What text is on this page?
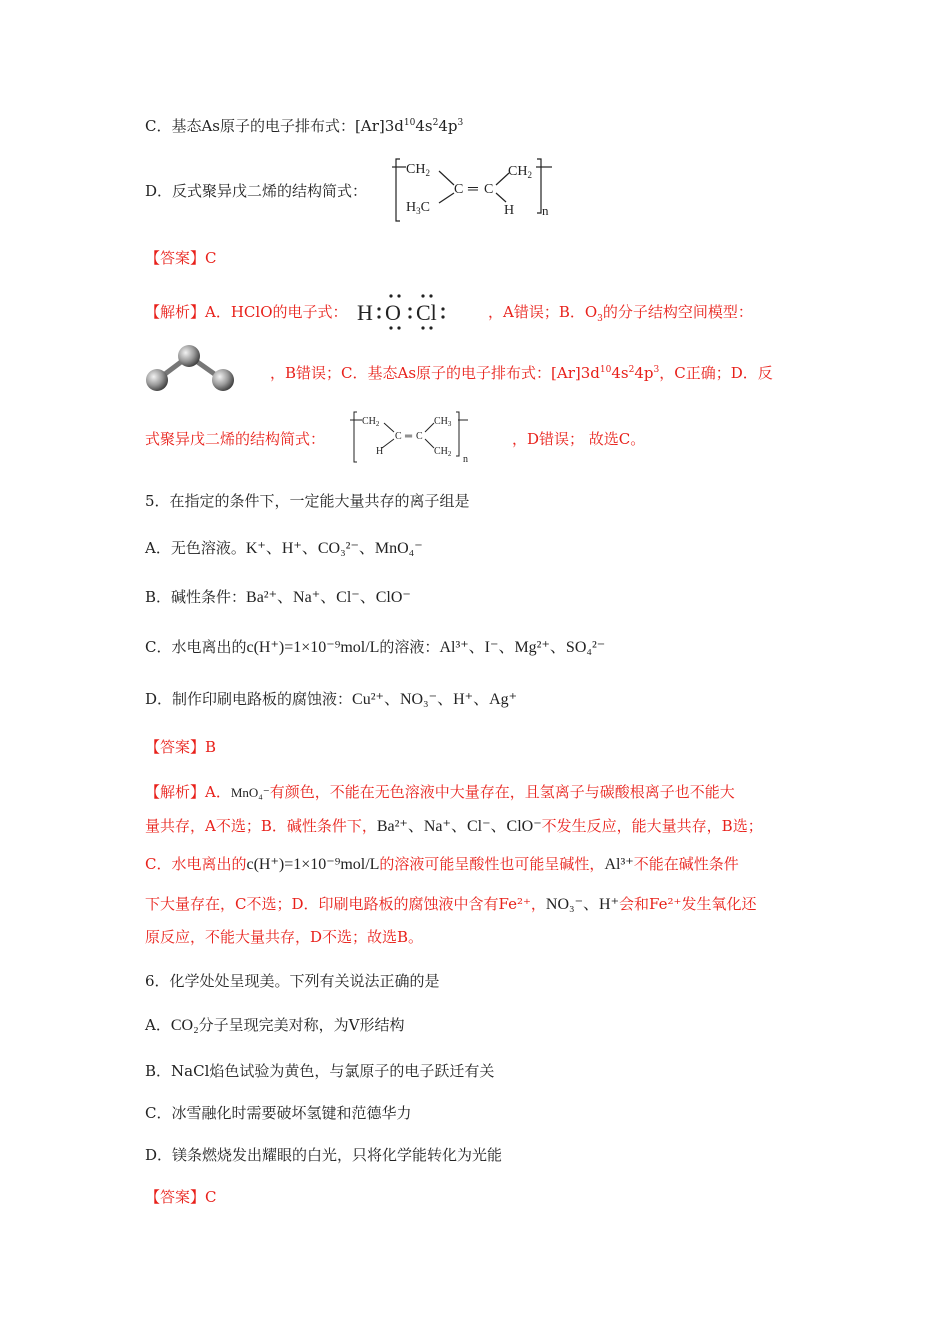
C．基态As原子的电子排布式：$[Ar]3d^{10}4s^24p^3$
D．反式聚异戊二烯的结构简式：
$CH_2$
$H_3C$
C ═ C
$CH_2$
H n
【答案】C
【解析】A．HClO的电子式： H O Cl	，A错误；B．$O_3$的分子结构空间模型：
，B错误；C．基态As原子的电子排布式：$[Ar]3d^{10}4s^24p^3$，C正确；D．反
式聚异戊二烯的结构简式：
$CH_2$
H
C ═ C
$CH_3$
$CH_2$ n
，D错误； 故选C。
5．在指定的条件下，一定能大量共存的离子组是
A．无色溶液。K⁺、H⁺、CO₃²⁻、MnO₄⁻
B．碱性条件：Ba²⁺、Na⁺、Cl⁻、ClO⁻
C．水电离出的c(H⁺)=1×10⁻⁹mol/L的溶液：Al³⁺、I⁻、Mg²⁺、SO₄²⁻
D．制作印刷电路板的腐蚀液：Cu²⁺、NO₃⁻、H⁺、Ag⁺
【答案】B
【解析】A．MnO₄⁻有颜色，不能在无色溶液中大量存在，且氢离子与碳酸根离子也不能大
量共存，A不选；B．碱性条件下，Ba²⁺、Na⁺、Cl⁻、ClO⁻不发生反应，能大量共存，B选；
C．水电离出的c(H⁺)=1×10⁻⁹mol/L的溶液可能呈酸性也可能呈碱性，Al³⁺不能在碱性条件
下大量存在，C不选；D．印刷电路板的腐蚀液中含有Fe²⁺，NO₃⁻、H⁺会和Fe²⁺发生氧化还
原反应，不能大量共存，D不选；故选B。
6．化学处处呈现美。下列有关说法正确的是
A．CO₂分子呈现完美对称，为V形结构
B．NaCl焰色试验为黄色，与氯原子的电子跃迁有关
C．冰雪融化时需要破坏氢键和范德华力
D．镁条燃烧发出耀眼的白光，只将化学能转化为光能
【答案】C
